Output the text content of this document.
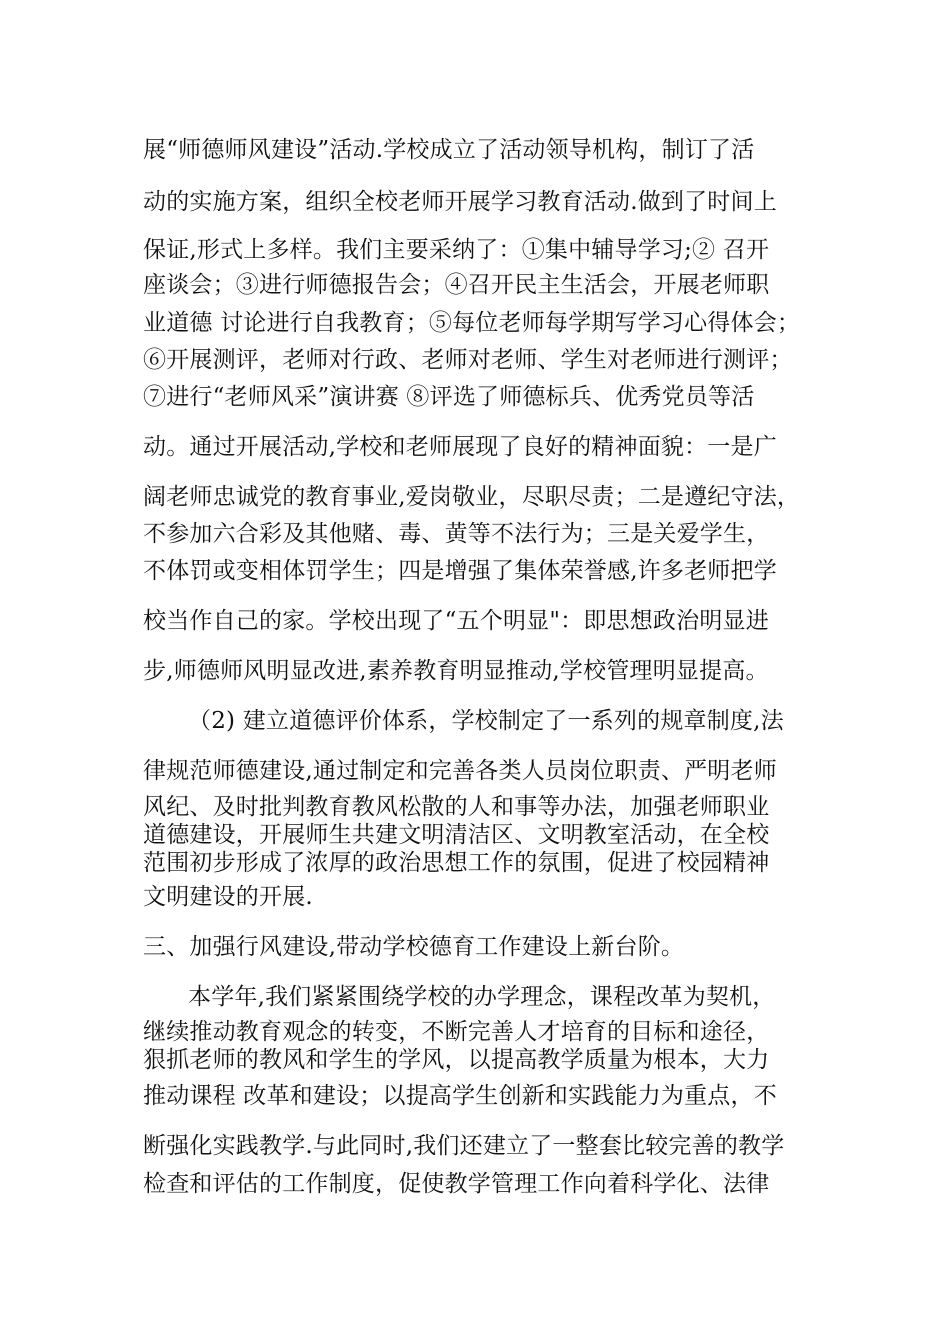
展“师德师风建设”活动.学校成立了活动领导机构，制订了活
动的实施方案，组织全校老师开展学习教育活动.做到了时间上
保证,形式上多样。我们主要采纳了：①集中辅导学习;② 召开
座谈会；③进行师德报告会；④召开民主生活会，开展老师职
业道德 讨论进行自我教育；⑤每位老师每学期写学习心得体会；
⑥开展测评，老师对行政、老师对老师、学生对老师进行测评；
⑦进行“老师风采”演讲赛 ⑧评选了师德标兵、优秀党员等活
动。通过开展活动,学校和老师展现了良好的精神面貌：一是广
阔老师忠诚党的教育事业,爱岗敬业，尽职尽责；二是遵纪守法，
不参加六合彩及其他赌、毒、黄等不法行为；三是关爱学生，
不体罚或变相体罚学生；四是增强了集体荣誉感,许多老师把学
校当作自己的家。学校出现了“五个明显"：即思想政治明显进
步,师德师风明显改进,素养教育明显推动,学校管理明显提高。
（2) 建立道德评价体系，学校制定了一系列的规章制度,法
律规范师德建设,通过制定和完善各类人员岗位职责、严明老师
风纪、及时批判教育教风松散的人和事等办法，加强老师职业
道德建设，开展师生共建文明清洁区、文明教室活动，在全校
范围初步形成了浓厚的政治思想工作的氛围，促进了校园精神
文明建设的开展.
三、加强行风建设,带动学校德育工作建设上新台阶。
本学年,我们紧紧围绕学校的办学理念，课程改革为契机，
继续推动教育观念的转变，不断完善人才培育的目标和途径，
狠抓老师的教风和学生的学风，以提高教学质量为根本，大力
推动课程 改革和建设；以提高学生创新和实践能力为重点，不
断强化实践教学.与此同时,我们还建立了一整套比较完善的教学
检查和评估的工作制度，促使教学管理工作向着科学化、法律
